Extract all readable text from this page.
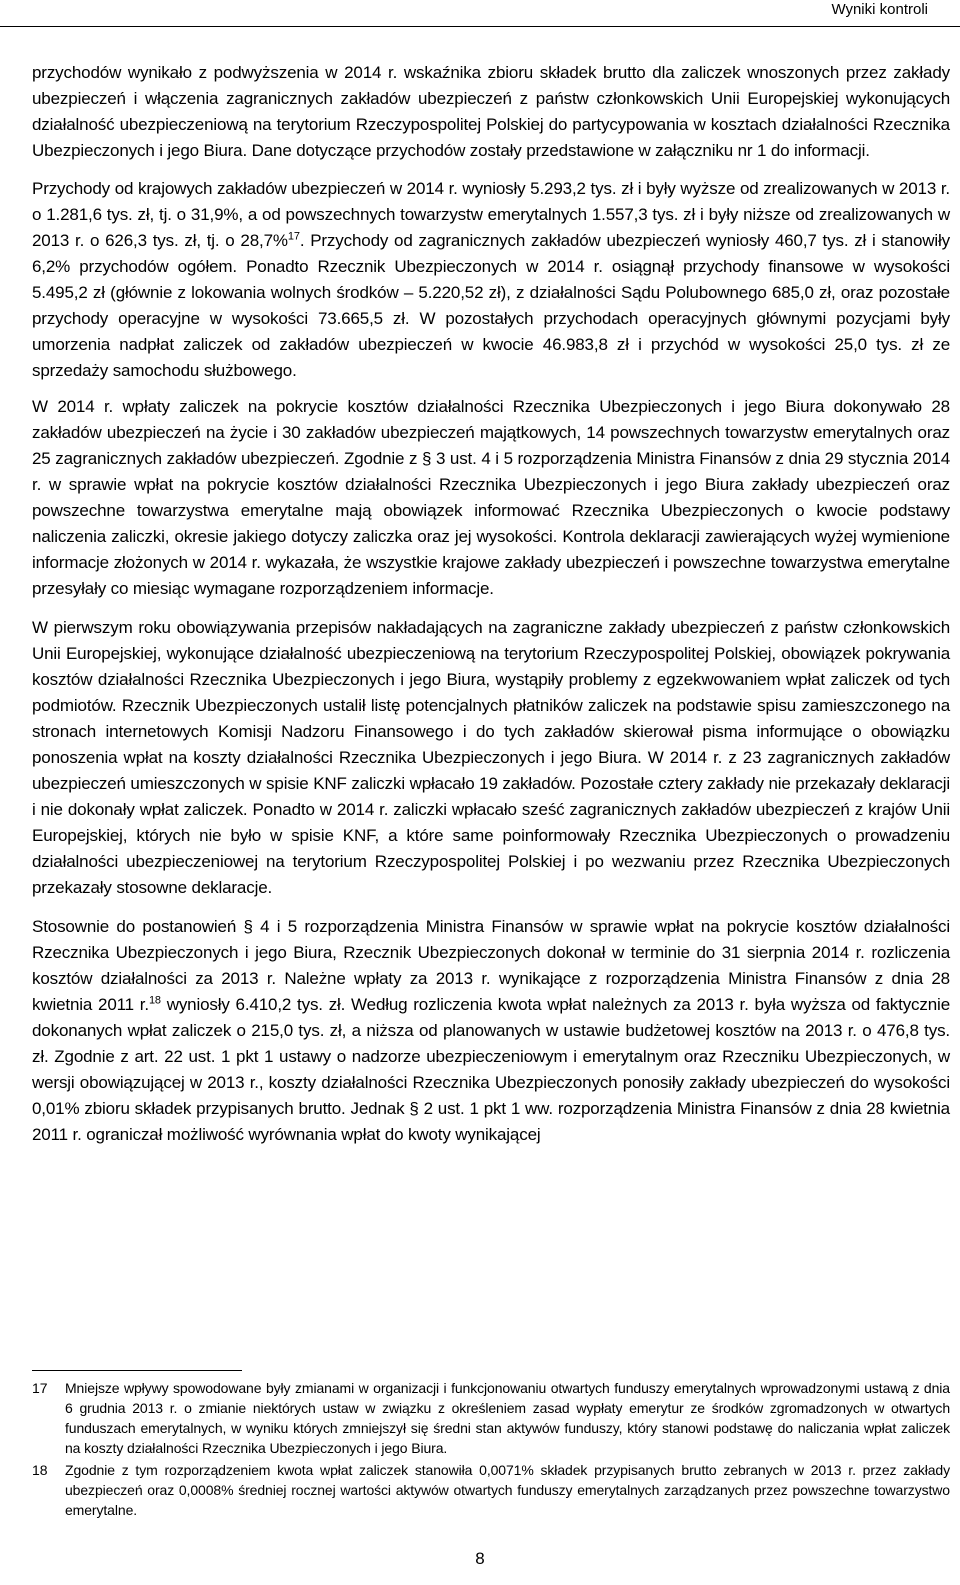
Wyniki kontroli

przychodów wynikało z podwyższenia w 2014 r. wskaźnika zbioru składek brutto dla zaliczek wnoszonych przez zakłady ubezpieczeń i włączenia zagranicznych zakładów ubezpieczeń z państw członkowskich Unii Europejskiej wykonujących działalność ubezpieczeniową na terytorium Rzeczypospolitej Polskiej do partycypowania w kosztach działalności Rzecznika Ubezpieczonych i jego Biura. Dane dotyczące przychodów zostały przedstawione w załączniku nr 1 do informacji.

Przychody od krajowych zakładów ubezpieczeń w 2014 r. wyniosły 5.293,2 tys. zł i były wyższe od zrealizowanych w 2013 r. o 1.281,6 tys. zł, tj. o 31,9%, a od powszechnych towarzystw emerytalnych 1.557,3 tys. zł i były niższe od zrealizowanych w 2013 r. o 626,3 tys. zł, tj. o 28,7%$^{17}$. Przychody od zagranicznych zakładów ubezpieczeń wyniosły 460,7 tys. zł i stanowiły 6,2% przychodów ogółem. Ponadto Rzecznik Ubezpieczonych w 2014 r. osiągnął przychody finansowe w wysokości 5.495,2 zł (głównie z lokowania wolnych środków – 5.220,52 zł), z działalności Sądu Polubownego 685,0 zł, oraz pozostałe przychody operacyjne w wysokości 73.665,5 zł. W pozostałych przychodach operacyjnych głównymi pozycjami były umorzenia nadpłat zaliczek od zakładów ubezpieczeń w kwocie 46.983,8 zł i przychód w wysokości 25,0 tys. zł ze sprzedaży samochodu służbowego.

W 2014 r. wpłaty zaliczek na pokrycie kosztów działalności Rzecznika Ubezpieczonych i jego Biura dokonywało 28 zakładów ubezpieczeń na życie i 30 zakładów ubezpieczeń majątkowych, 14 powszechnych towarzystw emerytalnych oraz 25 zagranicznych zakładów ubezpieczeń. Zgodnie z § 3 ust. 4 i 5 rozporządzenia Ministra Finansów z dnia 29 stycznia 2014 r. w sprawie wpłat na pokrycie kosztów działalności Rzecznika Ubezpieczonych i jego Biura zakłady ubezpieczeń oraz powszechne towarzystwa emerytalne mają obowiązek informować Rzecznika Ubezpieczonych o kwocie podstawy naliczenia zaliczki, okresie jakiego dotyczy zaliczka oraz jej wysokości. Kontrola deklaracji zawierających wyżej wymienione informacje złożonych w 2014 r. wykazała, że wszystkie krajowe zakłady ubezpieczeń i powszechne towarzystwa emerytalne przesyłały co miesiąc wymagane rozporządzeniem informacje.

W pierwszym roku obowiązywania przepisów nakładających na zagraniczne zakłady ubezpieczeń z państw członkowskich Unii Europejskiej, wykonujące działalność ubezpieczeniową na terytorium Rzeczypospolitej Polskiej, obowiązek pokrywania kosztów działalności Rzecznika Ubezpieczonych i jego Biura, wystąpiły problemy z egzekwowaniem wpłat zaliczek od tych podmiotów. Rzecznik Ubezpieczonych ustalił listę potencjalnych płatników zaliczek na podstawie spisu zamieszczonego na stronach internetowych Komisji Nadzoru Finansowego i do tych zakładów skierował pisma informujące o obowiązku ponoszenia wpłat na koszty działalności Rzecznika Ubezpieczonych i jego Biura. W 2014 r. z 23 zagranicznych zakładów ubezpieczeń umieszczonych w spisie KNF zaliczki wpłacało 19 zakładów. Pozostałe cztery zakłady nie przekazały deklaracji i nie dokonały wpłat zaliczek. Ponadto w 2014 r. zaliczki wpłacało sześć zagranicznych zakładów ubezpieczeń z krajów Unii Europejskiej, których nie było w spisie KNF, a które same poinformowały Rzecznika Ubezpieczonych o prowadzeniu działalności ubezpieczeniowej na terytorium Rzeczypospolitej Polskiej i po wezwaniu przez Rzecznika Ubezpieczonych przekazały stosowne deklaracje.

Stosownie do postanowień § 4 i 5 rozporządzenia Ministra Finansów w sprawie wpłat na pokrycie kosztów działalności Rzecznika Ubezpieczonych i jego Biura, Rzecznik Ubezpieczonych dokonał w terminie do 31 sierpnia 2014 r. rozliczenia kosztów działalności za 2013 r. Należne wpłaty za 2013 r. wynikające z rozporządzenia Ministra Finansów z dnia 28 kwietnia 2011 r.$^{18}$ wyniosły 6.410,2 tys. zł. Według rozliczenia kwota wpłat należnych za 2013 r. była wyższa od faktycznie dokonanych wpłat zaliczek o 215,0 tys. zł, a niższa od planowanych w ustawie budżetowej kosztów na 2013 r. o 476,8 tys. zł. Zgodnie z art. 22 ust. 1 pkt 1 ustawy o nadzorze ubezpieczeniowym i emerytalnym oraz Rzeczniku Ubezpieczonych, w wersji obowiązującej w 2013 r., koszty działalności Rzecznika Ubezpieczonych ponosiły zakłady ubezpieczeń do wysokości 0,01% zbioru składek przypisanych brutto. Jednak § 2 ust. 1 pkt 1 ww. rozporządzenia Ministra Finansów z dnia 28 kwietnia 2011 r. ograniczał możliwość wyrównania wpłat do kwoty wynikającej

17	Mniejsze wpływy spowodowane były zmianami w organizacji i funkcjonowaniu otwartych funduszy emerytalnych wprowadzonymi ustawą z dnia 6 grudnia 2013 r. o zmianie niektórych ustaw w związku z określeniem zasad wypłaty emerytur ze środków zgromadzonych w otwartych funduszach emerytalnych, w wyniku których zmniejszył się średni stan aktywów funduszy, który stanowi podstawę do naliczania wpłat zaliczek na koszty działalności Rzecznika Ubezpieczonych i jego Biura.
18	Zgodnie z tym rozporządzeniem kwota wpłat zaliczek stanowiła 0,0071% składek przypisanych brutto zebranych w 2013 r. przez zakłady ubezpieczeń oraz 0,0008% średniej rocznej wartości aktywów otwartych funduszy emerytalnych zarządzanych przez powszechne towarzystwo emerytalne.
8
